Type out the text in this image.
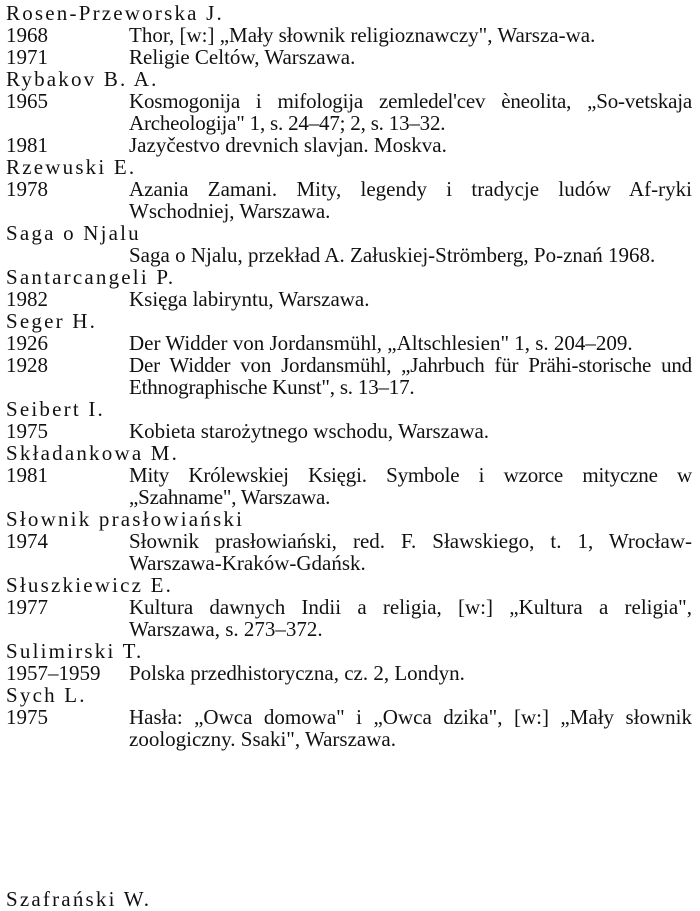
Rosen-Przeworska J.
1968	Thor, [w:] „Mały słownik religioznawczy", Warsza-wa.
1971	Religie Celtów, Warszawa.
Rybakov B. A.
1965	Kosmogonija i mifologija zemledel'cev ènеolita, „So-vetskaja Archeologija" 1, s. 24–47; 2, s. 13–32.
1981	Jazyčestvo drevnich slavjan. Moskva.
Rzewuski E.
1978	Azania Zamani. Mity, legendy i tradycje ludów Af-ryki Wschodniej, Warszawa.
Saga o Njalu
Saga o Njalu, przekład A. Załuskiej-Strömberg, Po-znań 1968.
Santarcangeli P.
1982	Księga labiryntu, Warszawa.
Seger H.
1926	Der Widder von Jordansmühl, „Altschlesien" 1, s. 204–209.
1928	Der Widder von Jordansmühl, „Jahrbuch für Prähi-storische und Ethnographische Kunst", s. 13–17.
Seibert I.
1975	Kobieta starożytnego wschodu, Warszawa.
Składankowa M.
1981	Mity Królewskiej Księgi. Symbole i wzorce mityczne w „Szahname", Warszawa.
Słownik prasłowiański
1974	Słownik prasłowiański, red. F. Sławskiego, t. 1, Wrocław-Warszawa-Kraków-Gdańsk.
Słuszkiewicz E.
1977	Kultura dawnych Indii a religia, [w:] „Kultura a religia", Warszawa, s. 273–372.
Sulimirski T.
1957–1959	Polska przedhistoryczna, cz. 2, Londyn.
Sych L.
1975	Hasła: „Owca domowa" i „Owca dzika", [w:] „Mały słownik zoologiczny. Ssaki", Warszawa.
Szafrański W.
